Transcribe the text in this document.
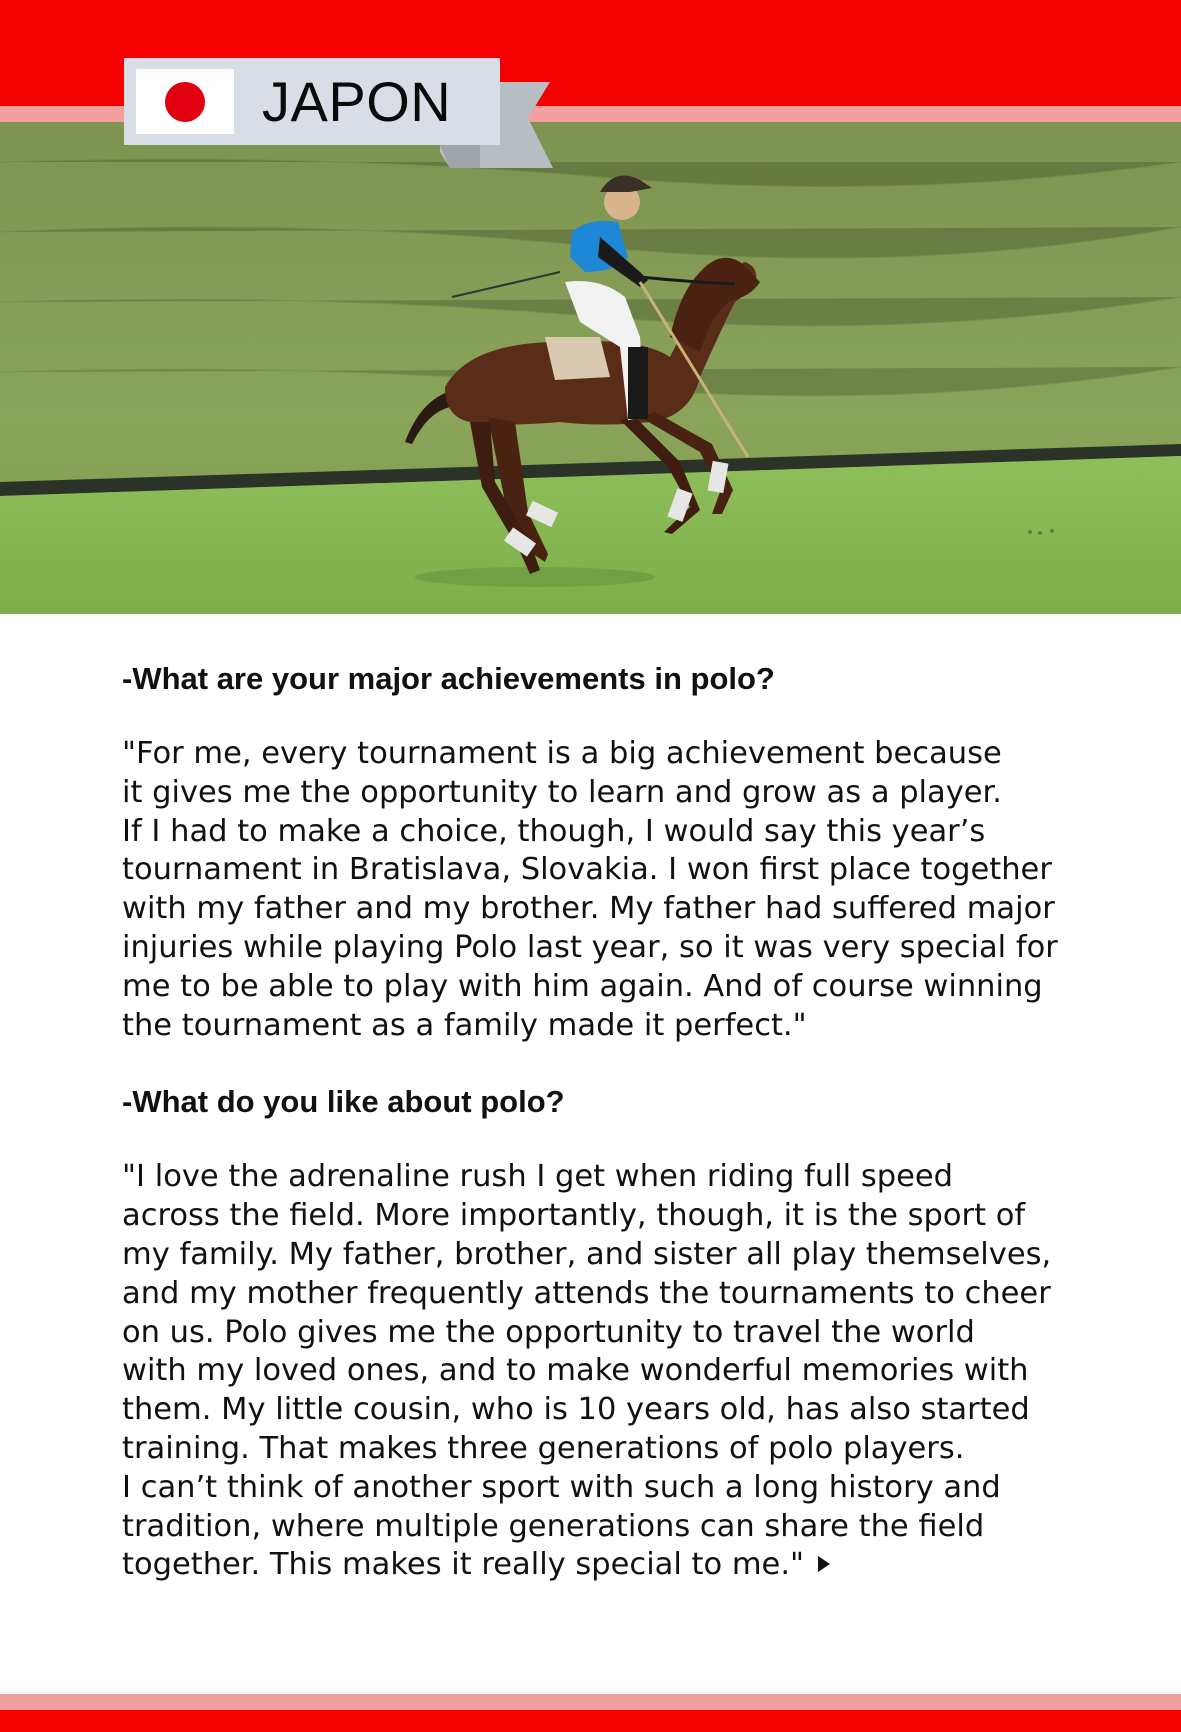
JAPON

-What are your major achievements in polo?

"For me, every tournament is a big achievement because
it gives me the opportunity to learn and grow as a player.
If I had to make a choice, though, I would say this year’s
tournament in Bratislava, Slovakia. I won first place together
with my father and my brother. My father had suffered major
injuries while playing Polo last year, so it was very special for
me to be able to play with him again. And of course winning
the tournament as a family made it perfect."

-What do you like about polo?

"I love the adrenaline rush I get when riding full speed
across the field. More importantly, though, it is the sport of
my family. My father, brother, and sister all play themselves,
and my mother frequently attends the tournaments to cheer
on us. Polo gives me the opportunity to travel the world
with my loved ones, and to make wonderful memories with
them. My little cousin, who is 10 years old, has also started
training. That makes three generations of polo players.
I can’t think of another sport with such a long history and
tradition, where multiple generations can share the field
together. This makes it really special to me."
